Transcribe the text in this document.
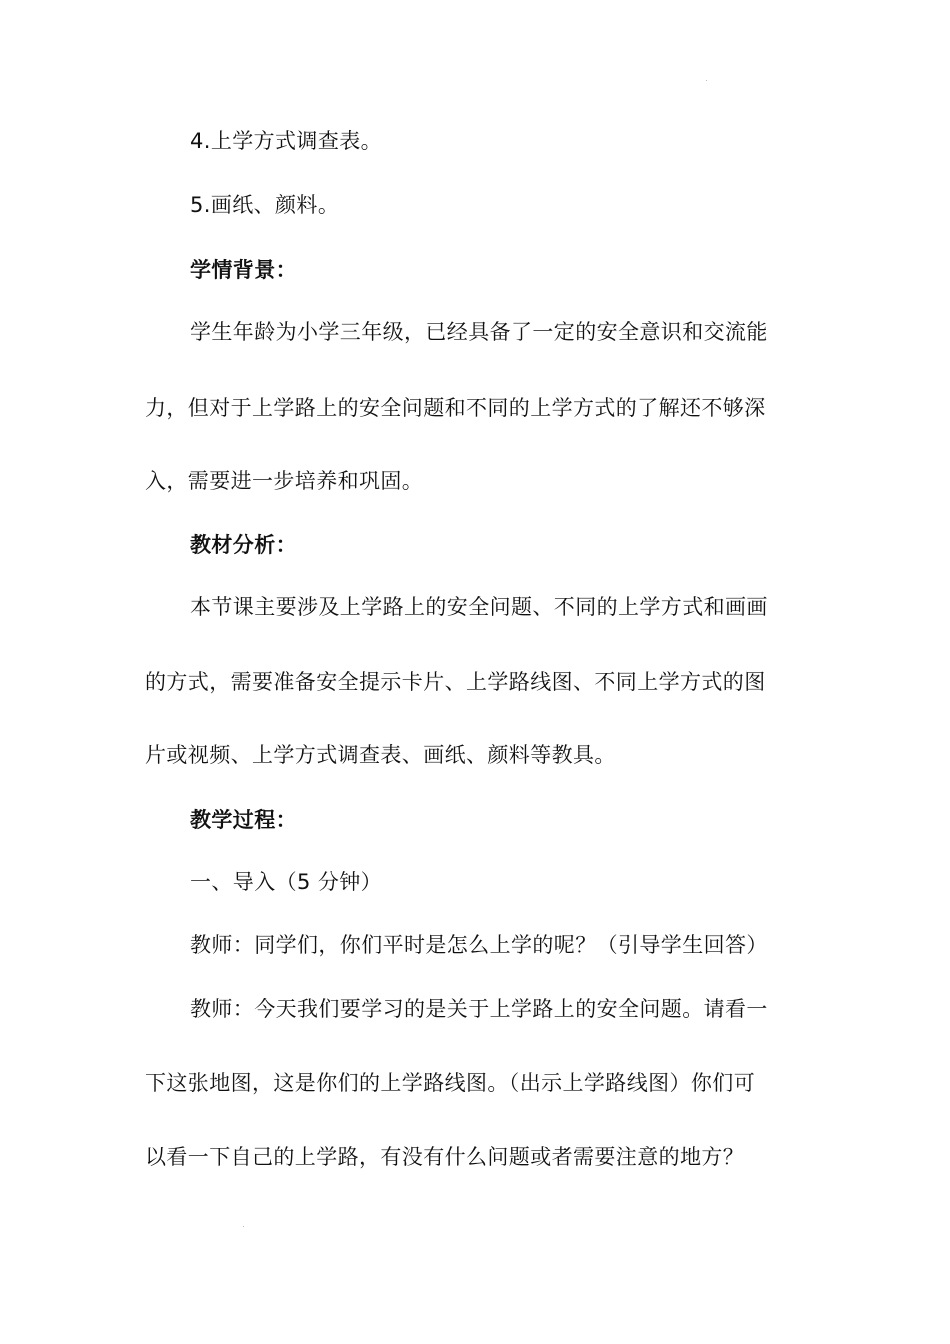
4.上学方式调查表。
5.画纸、颜料。
学情背景：
学生年龄为小学三年级，已经具备了一定的安全意识和交流能
力，但对于上学路上的安全问题和不同的上学方式的了解还不够深
入，需要进一步培养和巩固。
教材分析：
本节课主要涉及上学路上的安全问题、不同的上学方式和画画
的方式，需要准备安全提示卡片、上学路线图、不同上学方式的图
片或视频、上学方式调查表、画纸、颜料等教具。
教学过程：
一、导入（5 分钟）
教师：同学们，你们平时是怎么上学的呢？（引导学生回答）
教师：今天我们要学习的是关于上学路上的安全问题。请看一
下这张地图，这是你们的上学路线图。（出示上学路线图）你们可
以看一下自己的上学路，有没有什么问题或者需要注意的地方？
